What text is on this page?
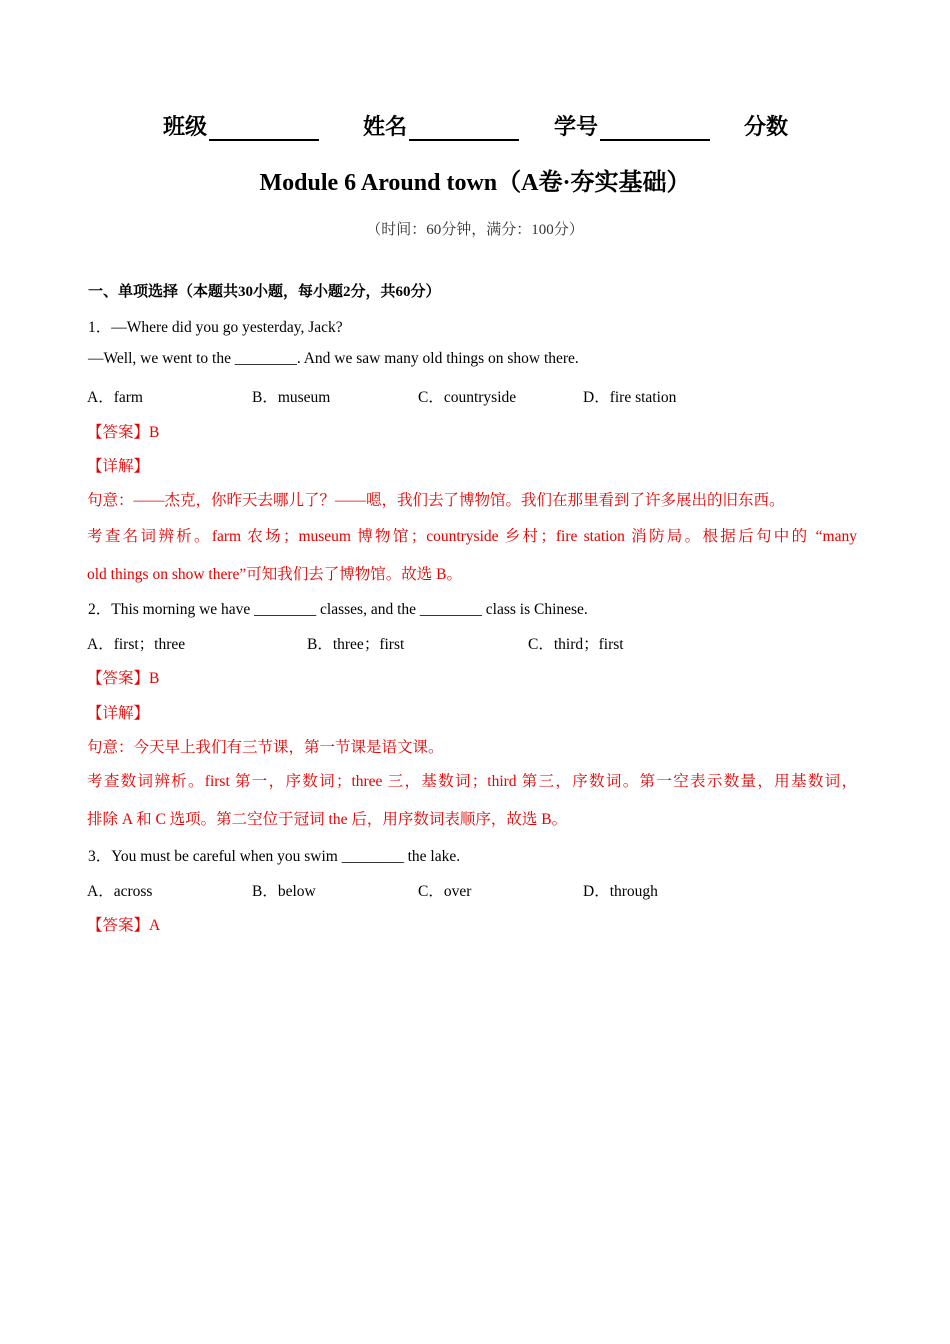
班级	姓名	学号	分数
Module 6 Around town（A卷·夯实基础）
（时间：60分钟，满分：100分）
一、单项选择（本题共30小题，每小题2分，共60分）
1．—Where did you go yesterday, Jack?
—Well, we went to the ________. And we saw many old things on show there.
A．farm	B．museum	C．countryside	D．fire station
【答案】B
【详解】
句意：——杰克，你昨天去哪儿了？——嗯，我们去了博物馆。我们在那里看到了许多展出的旧东西。
考查名词辨析。farm 农场；museum 博物馆；countryside 乡村；fire station 消防局。根据后句中的 “many
old things on show there”可知我们去了博物馆。故选 B。
2．This morning we have ________ classes, and the ________ class is Chinese.
A．first；three	B．three；first	C．third；first
【答案】B
【详解】
句意：今天早上我们有三节课，第一节课是语文课。
考查数词辨析。first 第一，序数词；three 三，基数词；third 第三，序数词。第一空表示数量，用基数词，
排除 A 和 C 选项。第二空位于冠词 the 后，用序数词表顺序，故选 B。
3．You must be careful when you swim ________ the lake.
A．across	B．below	C．over	D．through
【答案】A
